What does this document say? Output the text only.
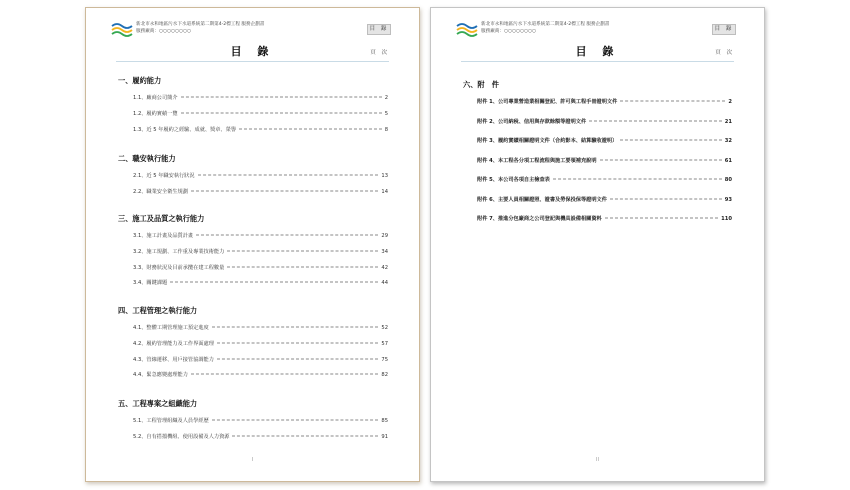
新北市永和地區污水下水道系統第二期第4-2標工程 服務企劃書
服務廠商：○○○○○○○○	目 錄
目 錄	頁 次
一、履約能力
1.1、廠商公司簡介	2
1.2、履約實績一覽	5
1.3、近 5 年履約之經驗、成就、獎章、榮譽	8
二、職安執行能力
2.1、近 5 年職安執行狀況	13
2.2、職業安全衛生規劃	14
三、施工及品質之執行能力
3.1、施工計畫及品質計畫	29
3.2、施工規劃、工作重及專業技術能力	34
3.3、財務狀況及目前承攬在建工程數量	42
3.4、關鍵課題	44
四、工程管理之執行能力
4.1、整體工期管理施工預定進度	52
4.2、履約管理能力及工作界面處理	57
4.3、管線遷移、用戶接管協調能力	75
4.4、緊急應變處理能力	82
五、工程專案之組織能力
5.1、工程管理組織及人員學經歷	85
5.2、自有搭擋機組、使用設備及人力資源	91
I
新北市永和地區污水下水道系統第二期第4-2標工程 服務企劃書
服務廠商：○○○○○○○○	目 錄
目 錄	頁 次
六、附　件
附件 1、公司專業營造業相關登記、許可與工程手冊證明文件	2
附件 2、公司納稅、信用與存款餘額等證明文件	21
附件 3、履約實績相關證明文件（合約影本、結算驗收證明）	32
附件 4、本工程各分項工程流程與施工要領補充說明	61
附件 5、本公司各項自主檢查表	80
附件 6、主要人員相關證照、證書及勞保投保等證明文件	93
附件 7、推進分包廠商之公司登記與機具設備相關資料	110
II
